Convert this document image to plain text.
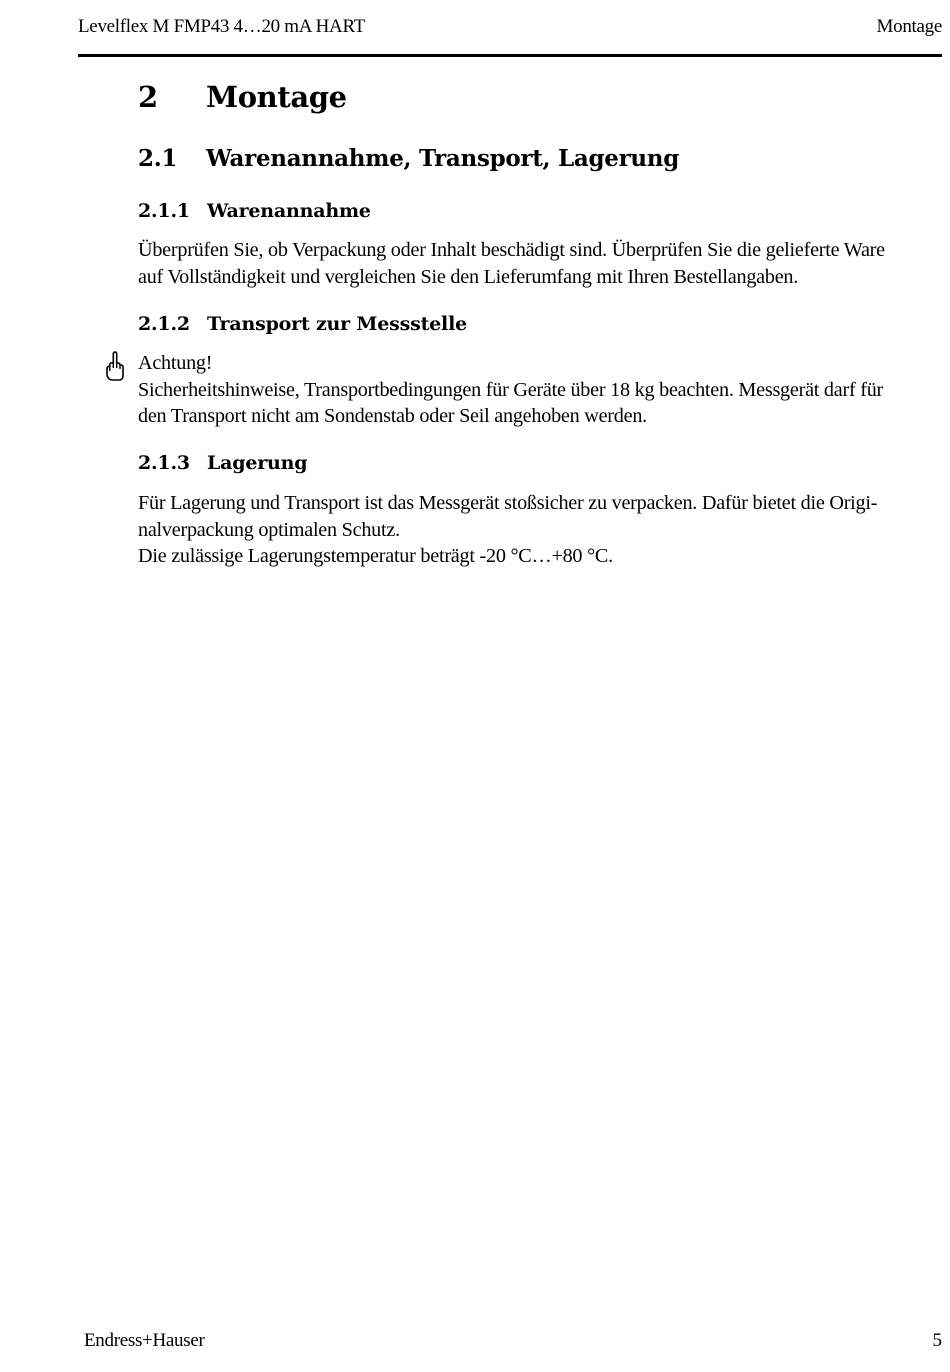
Levelflex M FMP43 4…20 mA HART	Montage
2 Montage
2.1 Warenannahme, Transport, Lagerung
2.1.1 Warenannahme
Überprüfen Sie, ob Verpackung oder Inhalt beschädigt sind. Überprüfen Sie die gelieferte Ware
auf Vollständigkeit und vergleichen Sie den Lieferumfang mit Ihren Bestellangaben.
2.1.2 Transport zur Messstelle
Achtung!
Sicherheitshinweise, Transportbedingungen für Geräte über 18 kg beachten. Messgerät darf für
den Transport nicht am Sondenstab oder Seil angehoben werden.
2.1.3 Lagerung
Für Lagerung und Transport ist das Messgerät stoßsicher zu verpacken. Dafür bietet die Origi-
nalverpackung optimalen Schutz.
Die zulässige Lagerungstemperatur beträgt -20 °C…+80 °C.
Endress+Hauser	5
